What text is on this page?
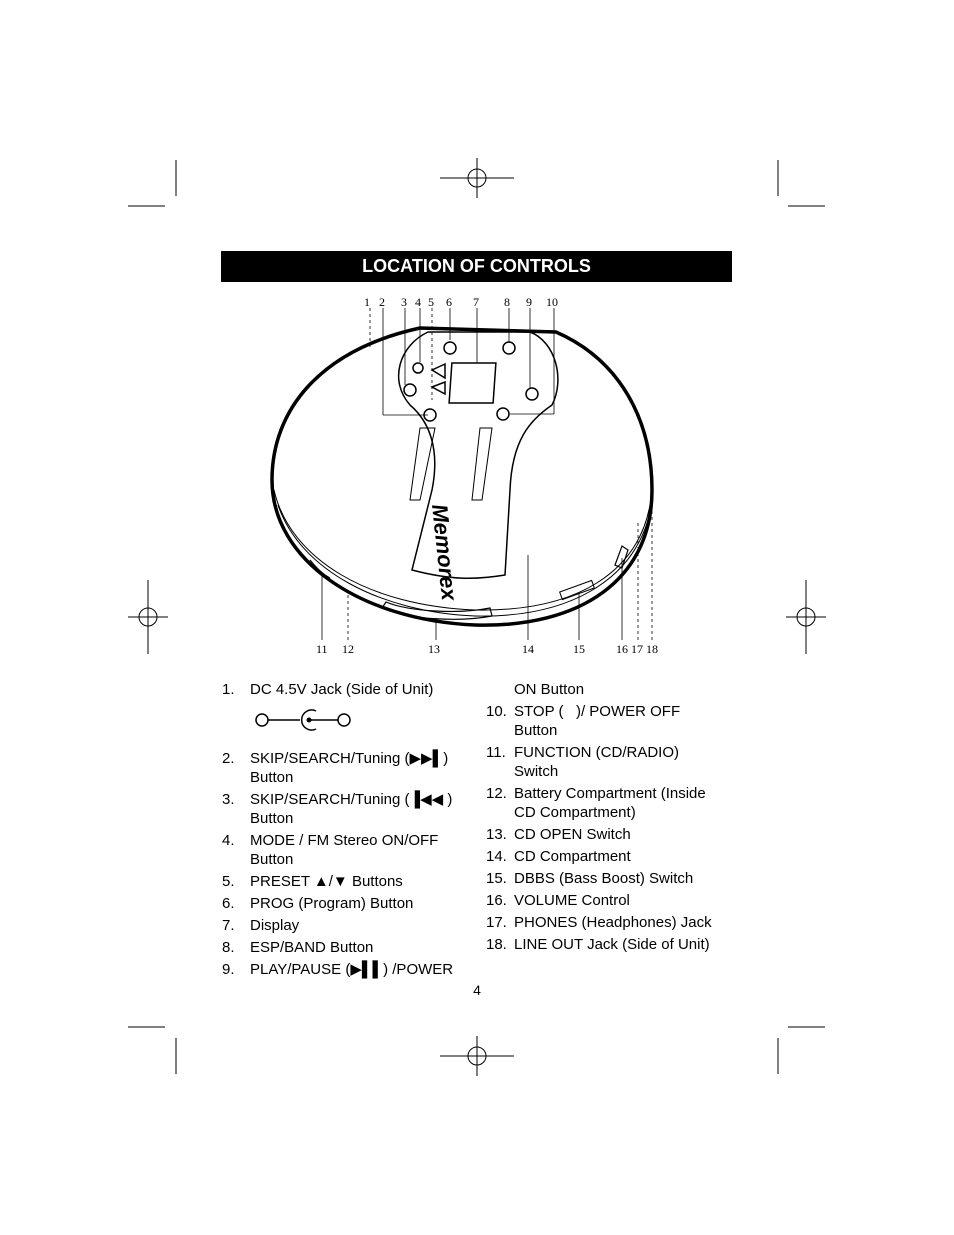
LOCATION OF CONTROLS
Memorex
1 2 3 4 5 6 7 8 9 10
11 12	13	14	15	16 17 18
1.	DC 4.5V Jack (Side of Unit)
2.	SKIP/SEARCH/Tuning (▶▶▌)
Button
3.	SKIP/SEARCH/Tuning (▐◀◀ )
Button
4.	MODE / FM Stereo ON/OFF
Button
5.	PRESET ▲/▼ Buttons
6.	PROG (Program) Button
7.	Display
8.	ESP/BAND Button
9.	PLAY/PAUSE (▶▌▌) /POWER
ON Button
10. STOP (   )/ POWER OFF
Button
11. FUNCTION (CD/RADIO)
Switch
12. Battery Compartment (Inside
CD Compartment)
13. CD OPEN Switch
14. CD Compartment
15. DBBS (Bass Boost) Switch
16. VOLUME Control
17. PHONES (Headphones) Jack
18. LINE OUT Jack (Side of Unit)
4
